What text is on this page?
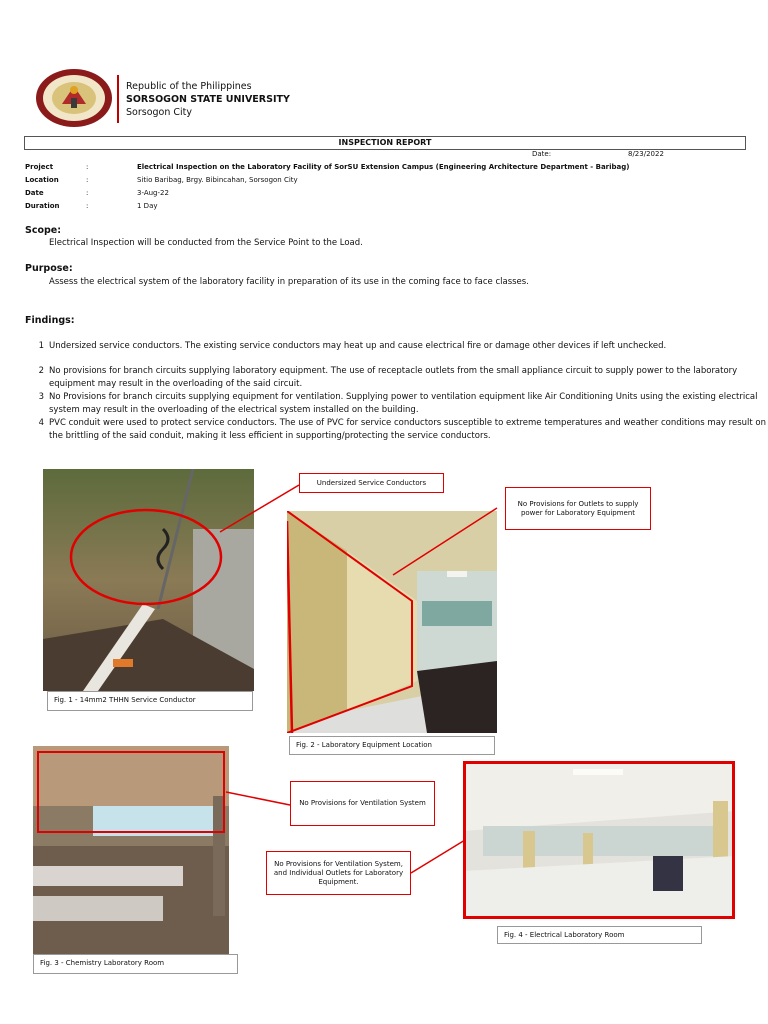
Republic of the Philippines
SORSOGON STATE UNIVERSITY
Sorsogon City
INSPECTION REPORT
Date:	8/23/2022
Project	:	Electrical Inspection on the Laboratory Facility of SorSU Extension Campus (Engineering Architecture Department - Baribag)
Location	:	Sitio Baribag, Brgy. Bibincahan, Sorsogon City
Date	:	3-Aug-22
Duration	:	1 Day
Scope:
Electrical Inspection will be conducted from the Service Point to the Load.
Purpose:
Assess the electrical system of the laboratory facility in preparation of its use in the coming face to face classes.
Findings:
1 Undersized service conductors. The existing service conductors may heat up and cause electrical fire or damage other devices if left unchecked.
2 No provisions for branch circuits supplying laboratory equipment. The use of receptacle outlets from the small appliance circuit to supply power to the laboratory equipment may result in the overloading of the said circuit.
3 No Provisions for branch circuits supplying equipment for ventilation. Supplying power to ventilation equipment like Air Conditioning Units using the existing electrical system may result in the overloading of the electrical system installed on the building.
4 PVC conduit were used to protect service conductors. The use of PVC for service conductors susceptible to extreme temperatures and weather conditions may result on the brittling of the said conduit, making it less efficient in supporting/protecting the service conductors.
Fig. 1 - 14mm2 THHN Service Conductor
Fig. 2 - Laboratory Equipment Location
Fig. 3 - Chemistry Laboratory Room
Fig. 4 - Electrical Laboratory Room
Undersized Service Conductors
No Provisions for Outlets to supply power for Laboratory Equipment
No Provisions for Ventilation System
No Provisions for Ventilation System, and Individual Outlets for Laboratory Equipment.
